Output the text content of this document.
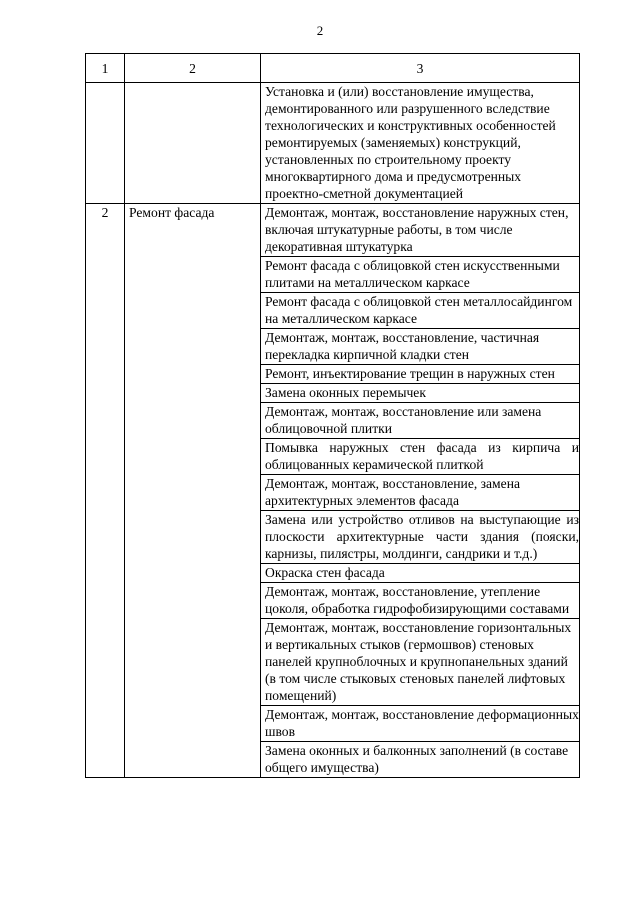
2
1	2	3
		Установка и (или) восстановление имущества, демонтированного или разрушенного вследствие технологических и конструктивных особенностей ремонтируемых (заменяемых) конструкций, установленных по строительному проекту многоквартирного дома и предусмотренных проектно-сметной документацией
2	Ремонт фасада	Демонтаж, монтаж, восстановление наружных стен, включая штукатурные работы, в том числе декоративная штукатурка
		Ремонт фасада с облицовкой стен искусственными плитами на металлическом каркасе
		Ремонт фасада с облицовкой стен металлосайдингом на металлическом каркасе
		Демонтаж, монтаж, восстановление, частичная перекладка кирпичной кладки стен
		Ремонт, инъектирование трещин в наружных стен
		Замена оконных перемычек
		Демонтаж, монтаж, восстановление или замена облицовочной плитки
		Помывка наружных стен фасада из кирпича и облицованных керамической плиткой
		Демонтаж, монтаж, восстановление, замена архитектурных элементов фасада
		Замена или устройство отливов на выступающие из плоскости архитектурные части здания (пояски, карнизы, пилястры, молдинги, сандрики и т.д.)
		Окраска стен фасада
		Демонтаж, монтаж, восстановление, утепление цоколя, обработка гидрофобизирующими составами
		Демонтаж, монтаж, восстановление горизонтальных и вертикальных стыков (гермошвов) стеновых панелей крупноблочных и крупнопанельных зданий (в том числе стыковых стеновых панелей лифтовых помещений)
		Демонтаж, монтаж, восстановление деформационных швов
		Замена оконных и балконных заполнений (в составе общего имущества)
